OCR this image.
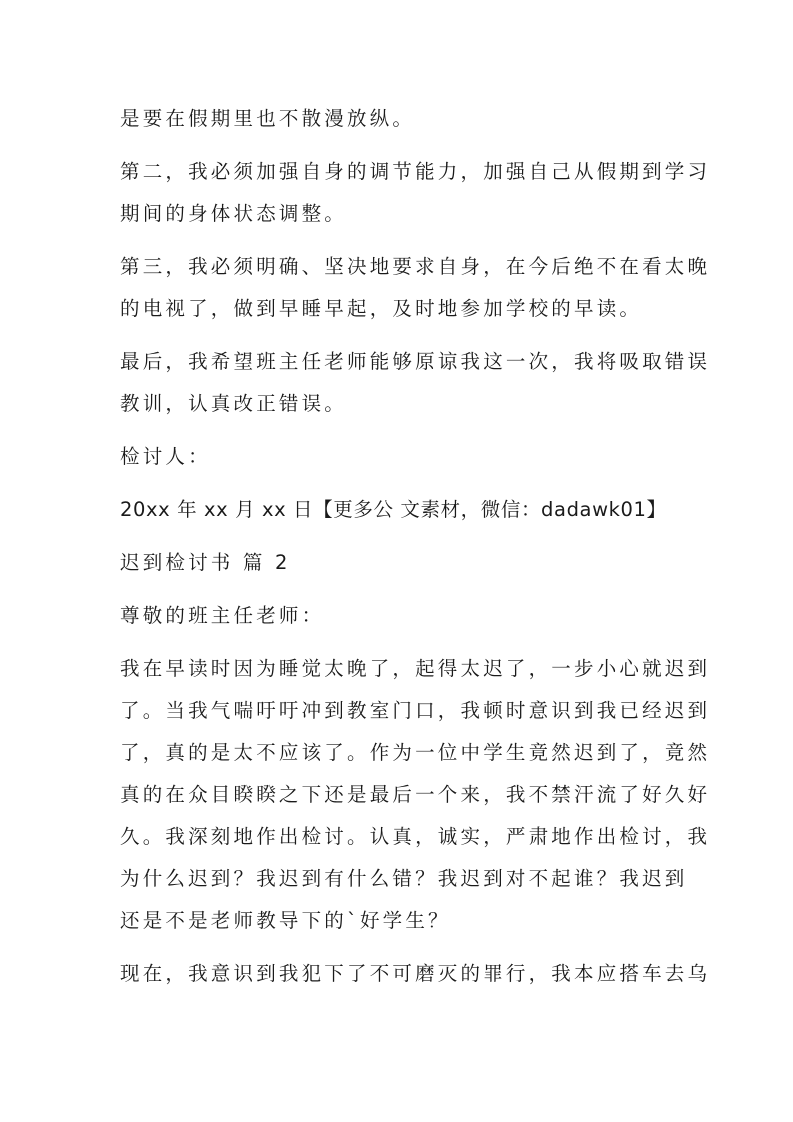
是要在假期里也不散漫放纵。

第二，我必须加强自身的调节能力，加强自己从假期到学习
期间的身体状态调整。

第三，我必须明确、坚决地要求自身，在今后绝不在看太晚
的电视了，做到早睡早起，及时地参加学校的早读。

最后，我希望班主任老师能够原谅我这一次，我将吸取错误
教训，认真改正错误。

检讨人：

20xx 年 xx 月 xx 日【更多公 文素材，微信：dadawk01】

迟到检讨书 篇 2

尊敬的班主任老师：

我在早读时因为睡觉太晚了，起得太迟了，一步小心就迟到
了。当我气喘吁吁冲到教室门口，我顿时意识到我已经迟到
了，真的是太不应该了。作为一位中学生竟然迟到了，竟然
真的在众目睽睽之下还是最后一个来，我不禁汗流了好久好
久。我深刻地作出检讨。认真，诚实，严肃地作出检讨，我
为什么迟到？我迟到有什么错？我迟到对不起谁？我迟到
还是不是老师教导下的`好学生？

现在，我意识到我犯下了不可磨灭的罪行，我本应搭车去乌
